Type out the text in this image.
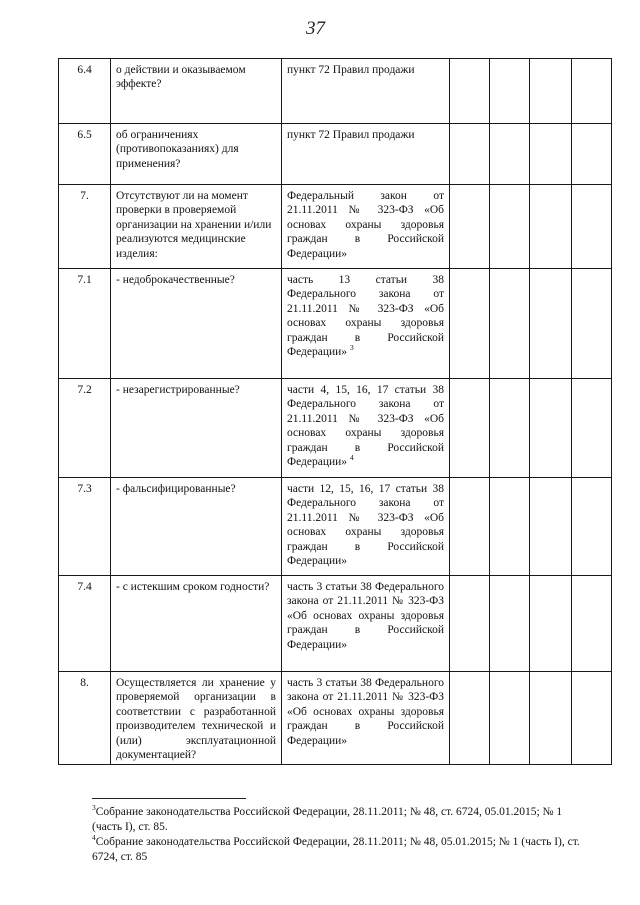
37
6.4	о действии и оказываемом эффекте?	пункт 72 Правил продажи				
6.5	об ограничениях (противопоказаниях) для применения?	пункт 72 Правил продажи				
7.	Отсутствуют ли на момент проверки в проверяемой организации на хранении и/или реализуются медицинские изделия:	Федеральный закон от 21.11.2011 № 323-ФЗ «Об основах охраны здоровья граждан в Российской Федерации»				
7.1	- недоброкачественные?	часть 13 статьи 38 Федерального закона от 21.11.2011 № 323-ФЗ «Об основах охраны здоровья граждан в Российской Федерации» $^3$				
7.2	- незарегистрированные?	части 4, 15, 16, 17 статьи 38 Федерального закона от 21.11.2011 № 323-ФЗ «Об основах охраны здоровья граждан в Российской Федерации» $^4$				
7.3	- фальсифицированные?	части 12, 15, 16, 17 статьи 38 Федерального закона от 21.11.2011 № 323-ФЗ «Об основах охраны здоровья граждан в Российской Федерации»				
7.4	- с истекшим сроком годности?	часть 3 статьи 38 Федерального закона от 21.11.2011 № 323-ФЗ «Об основах охраны здоровья граждан в Российской Федерации»				
8.	Осуществляется ли хранение у проверяемой организации в соответствии с разработанной производителем технической и (или) эксплуатационной документацией?	часть 3 статьи 38 Федерального закона от 21.11.2011 № 323-ФЗ «Об основах охраны здоровья граждан в Российской Федерации»				

$^3$Собрание законодательства Российской Федерации, 28.11.2011; № 48, ст. 6724, 05.01.2015; № 1 (часть I), ст. 85.

$^4$Собрание законодательства Российской Федерации, 28.11.2011; № 48, 05.01.2015; № 1 (часть I), ст. 6724, ст. 85
